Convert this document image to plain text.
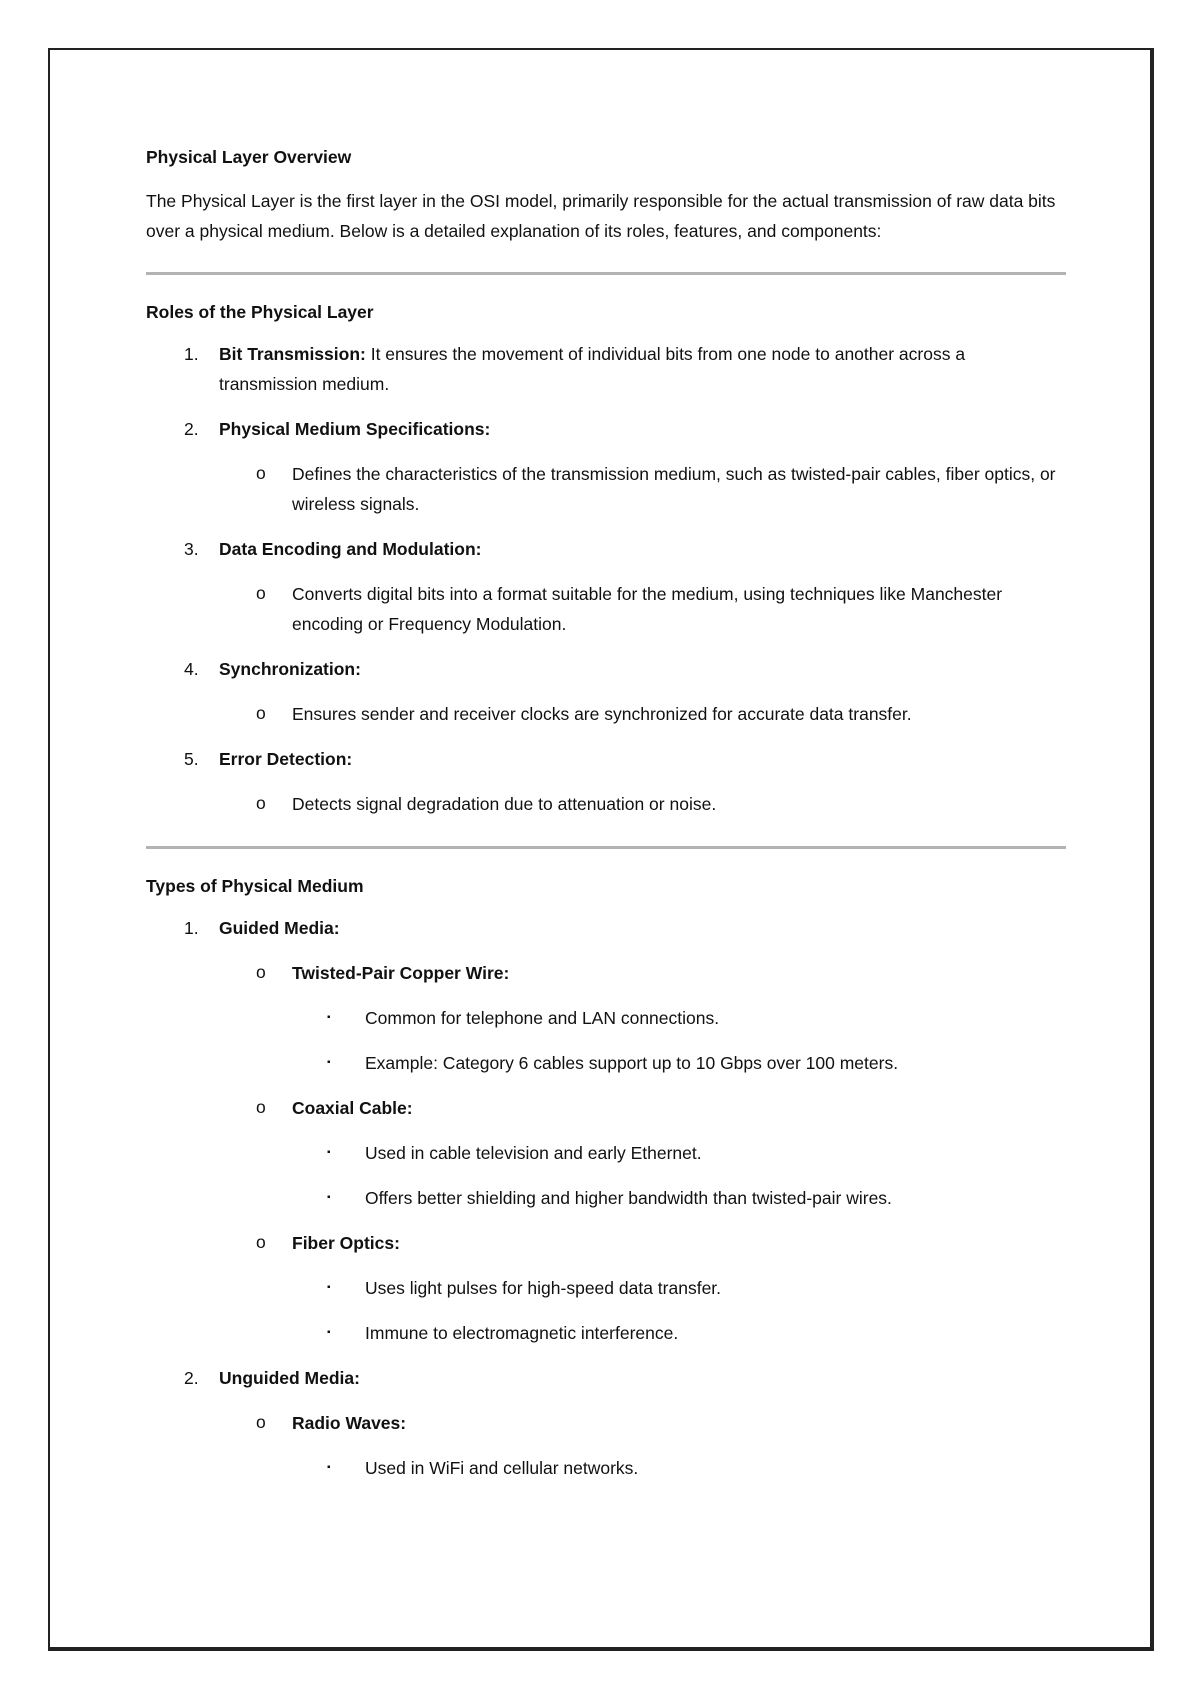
Physical Layer Overview

The Physical Layer is the first layer in the OSI model, primarily responsible for the actual transmission of raw data bits over a physical medium. Below is a detailed explanation of its roles, features, and components:

Roles of the Physical Layer
1. Bit Transmission: It ensures the movement of individual bits from one node to another across a transmission medium.
2. Physical Medium Specifications:
o Defines the characteristics of the transmission medium, such as twisted-pair cables, fiber optics, or wireless signals.
3. Data Encoding and Modulation:
o Converts digital bits into a format suitable for the medium, using techniques like Manchester encoding or Frequency Modulation.
4. Synchronization:
o Ensures sender and receiver clocks are synchronized for accurate data transfer.
5. Error Detection:
o Detects signal degradation due to attenuation or noise.
Types of Physical Medium
1. Guided Media:
o Twisted-Pair Copper Wire:
▪ Common for telephone and LAN connections.
▪ Example: Category 6 cables support up to 10 Gbps over 100 meters.
o Coaxial Cable:
▪ Used in cable television and early Ethernet.
▪ Offers better shielding and higher bandwidth than twisted-pair wires.
o Fiber Optics:
▪ Uses light pulses for high-speed data transfer.
▪ Immune to electromagnetic interference.
2. Unguided Media:
o Radio Waves:
▪ Used in WiFi and cellular networks.
